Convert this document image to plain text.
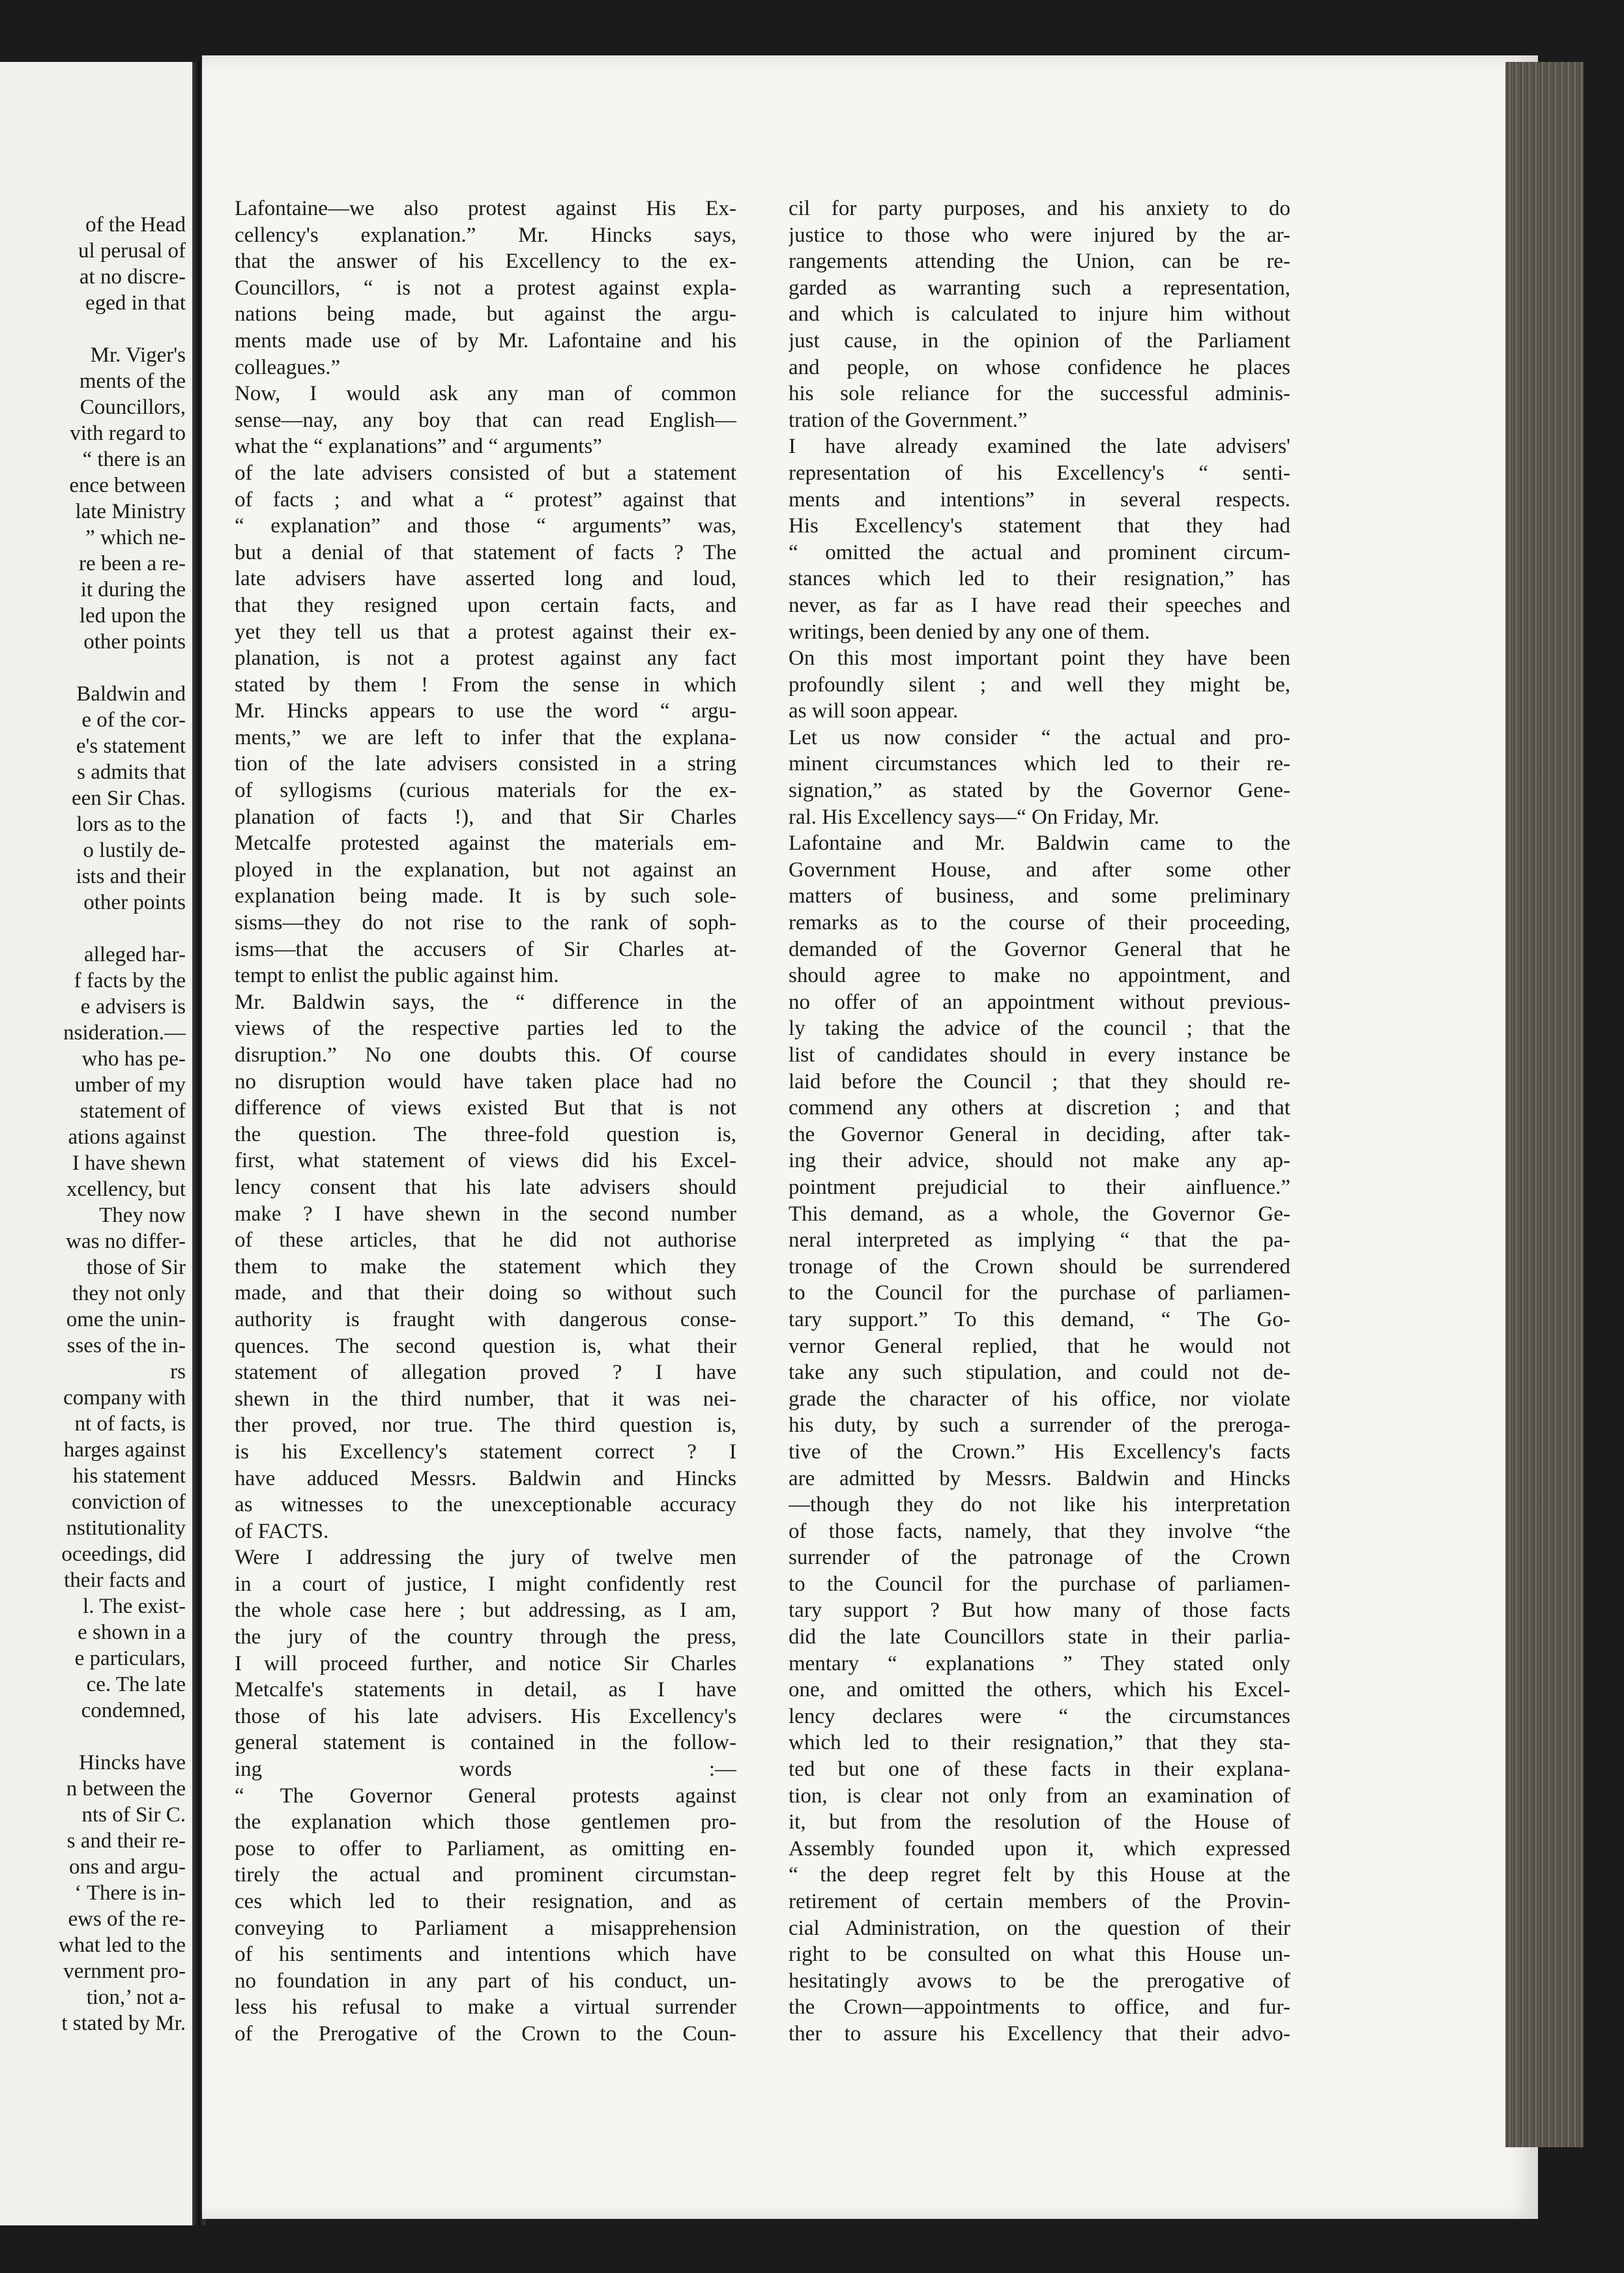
of the Head
ul perusal of
at no discre-
eged in that
Mr. Viger's
ments of the
Councillors,
vith regard to
“ there is an
ence between
late Ministry
” which ne-
re been a re-
it during the
led upon the
other points
Baldwin and
e of the cor-
e's statement
s admits that
een Sir Chas.
lors as to the
o lustily de-
ists and their
other points
alleged har-
f facts by the
e advisers is
nsideration.—
who has pe-
umber of my
statement of
ations against
I have shewn
xcellency, but
They now
was no differ-
those of Sir
they not only
ome the unin-
sses of the in-
rs
company with
nt of facts, is
harges against
his statement
conviction of
nstitutionality
oceedings, did
their facts and
l. The exist-
e shown in a
e particulars,
ce. The late
condemned,
Hincks have
n between the
nts of Sir C.
s and their re-
ons and argu-
‘ There is in-
ews of the re-
what led to the
vernment pro-
tion,’ not a-
t stated by Mr.
Lafontaine—we also protest against His Ex-
cellency's explanation.” Mr. Hincks says,
that the answer of his Excellency to the ex-
Councillors, “ is not a protest against expla-
nations being made, but against the argu-
ments made use of by Mr. Lafontaine and his
colleagues.”
Now, I would ask any man of common
sense—nay, any boy that can read English—
what the “ explanations” and “ arguments”
of the late advisers consisted of but a statement
of facts ; and what a “ protest” against that
“ explanation” and those “ arguments” was,
but a denial of that statement of facts ? The
late advisers have asserted long and loud,
that they resigned upon certain facts, and
yet they tell us that a protest against their ex-
planation, is not a protest against any fact
stated by them ! From the sense in which
Mr. Hincks appears to use the word “ argu-
ments,” we are left to infer that the explana-
tion of the late advisers consisted in a string
of syllogisms (curious materials for the ex-
planation of facts !), and that Sir Charles
Metcalfe protested against the materials em-
ployed in the explanation, but not against an
explanation being made. It is by such sole-
sisms—they do not rise to the rank of soph-
isms—that the accusers of Sir Charles at-
tempt to enlist the public against him.
Mr. Baldwin says, the “ difference in the
views of the respective parties led to the
disruption.” No one doubts this. Of course
no disruption would have taken place had no
difference of views existed But that is not
the question. The three-fold question is,
first, what statement of views did his Excel-
lency consent that his late advisers should
make ? I have shewn in the second number
of these articles, that he did not authorise
them to make the statement which they
made, and that their doing so without such
authority is fraught with dangerous conse-
quences. The second question is, what their
statement of allegation proved ? I have
shewn in the third number, that it was nei-
ther proved, nor true. The third question is,
is his Excellency's statement correct ? I
have adduced Messrs. Baldwin and Hincks
as witnesses to the unexceptionable accuracy
of FACTS.
Were I addressing the jury of twelve men
in a court of justice, I might confidently rest
the whole case here ; but addressing, as I am,
the jury of the country through the press,
I will proceed further, and notice Sir Charles
Metcalfe's statements in detail, as I have
those of his late advisers. His Excellency's
general statement is contained in the follow-
ing words :—
“ The Governor General protests against
the explanation which those gentlemen pro-
pose to offer to Parliament, as omitting en-
tirely the actual and prominent circumstan-
ces which led to their resignation, and as
conveying to Parliament a misapprehension
of his sentiments and intentions which have
no foundation in any part of his conduct, un-
less his refusal to make a virtual surrender
of the Prerogative of the Crown to the Coun-
cil for party purposes, and his anxiety to do
justice to those who were injured by the ar-
rangements attending the Union, can be re-
garded as warranting such a representation,
and which is calculated to injure him without
just cause, in the opinion of the Parliament
and people, on whose confidence he places
his sole reliance for the successful adminis-
tration of the Government.”
I have already examined the late advisers'
representation of his Excellency's “ senti-
ments and intentions” in several respects.
His Excellency's statement that they had
“ omitted the actual and prominent circum-
stances which led to their resignation,” has
never, as far as I have read their speeches and
writings, been denied by any one of them.
On this most important point they have been
profoundly silent ; and well they might be,
as will soon appear.
Let us now consider “ the actual and pro-
minent circumstances which led to their re-
signation,” as stated by the Governor Gene-
ral. His Excellency says—“ On Friday, Mr.
Lafontaine and Mr. Baldwin came to the
Government House, and after some other
matters of business, and some preliminary
remarks as to the course of their proceeding,
demanded of the Governor General that he
should agree to make no appointment, and
no offer of an appointment without previous-
ly taking the advice of the council ; that the
list of candidates should in every instance be
laid before the Council ; that they should re-
commend any others at discretion ; and that
the Governor General in deciding, after tak-
ing their advice, should not make any ap-
pointment prejudicial to their ainfluence.”
This demand, as a whole, the Governor Ge-
neral interpreted as implying “ that the pa-
tronage of the Crown should be surrendered
to the Council for the purchase of parliamen-
tary support.” To this demand, “ The Go-
vernor General replied, that he would not
take any such stipulation, and could not de-
grade the character of his office, nor violate
his duty, by such a surrender of the preroga-
tive of the Crown.” His Excellency's facts
are admitted by Messrs. Baldwin and Hincks
—though they do not like his interpretation
of those facts, namely, that they involve “the
surrender of the patronage of the Crown
to the Council for the purchase of parliamen-
tary support ? But how many of those facts
did the late Councillors state in their parlia-
mentary “ explanations ” They stated only
one, and omitted the others, which his Excel-
lency declares were “ the circumstances
which led to their resignation,” that they sta-
ted but one of these facts in their explana-
tion, is clear not only from an examination of
it, but from the resolution of the House of
Assembly founded upon it, which expressed
“ the deep regret felt by this House at the
retirement of certain members of the Provin-
cial Administration, on the question of their
right to be consulted on what this House un-
hesitatingly avows to be the prerogative of
the Crown—appointments to office, and fur-
ther to assure his Excellency that their advo-
